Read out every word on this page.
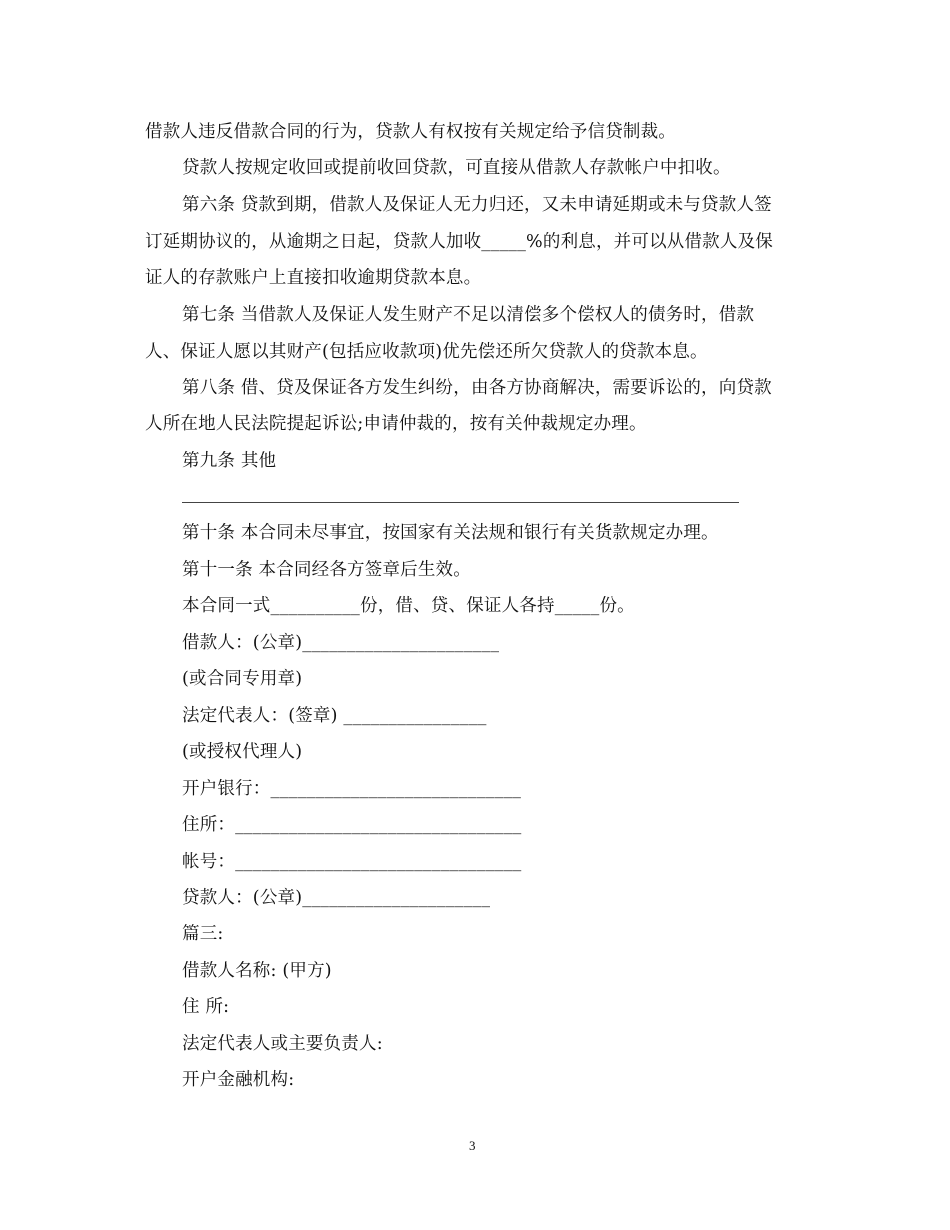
借款人违反借款合同的行为，贷款人有权按有关规定给予信贷制裁。
贷款人按规定收回或提前收回贷款，可直接从借款人存款帐户中扣收。
第六条 贷款到期，借款人及保证人无力归还，又未申请延期或未与贷款人签
订延期协议的，从逾期之日起，贷款人加收_____%的利息，并可以从借款人及保
证人的存款账户上直接扣收逾期贷款本息。
第七条 当借款人及保证人发生财产不足以清偿多个偿权人的债务时，借款
人、保证人愿以其财产(包括应收款项)优先偿还所欠贷款人的贷款本息。
第八条 借、贷及保证各方发生纠纷，由各方协商解决，需要诉讼的，向贷款
人所在地人民法院提起诉讼;申请仲裁的，按有关仲裁规定办理。
第九条 其他
第十条 本合同未尽事宜，按国家有关法规和银行有关货款规定办理。
第十一条 本合同经各方签章后生效。
本合同一式__________份，借、贷、保证人各持_____份。
借款人：(公章)______________________
(或合同专用章)
法定代表人：(签章) ________________
(或授权代理人)
开户银行：____________________________
住所：________________________________
帐号：________________________________
贷款人：(公章)_____________________
篇三:
借款人名称: (甲方)
住 所:
法定代表人或主要负责人:
开户金融机构:
3
